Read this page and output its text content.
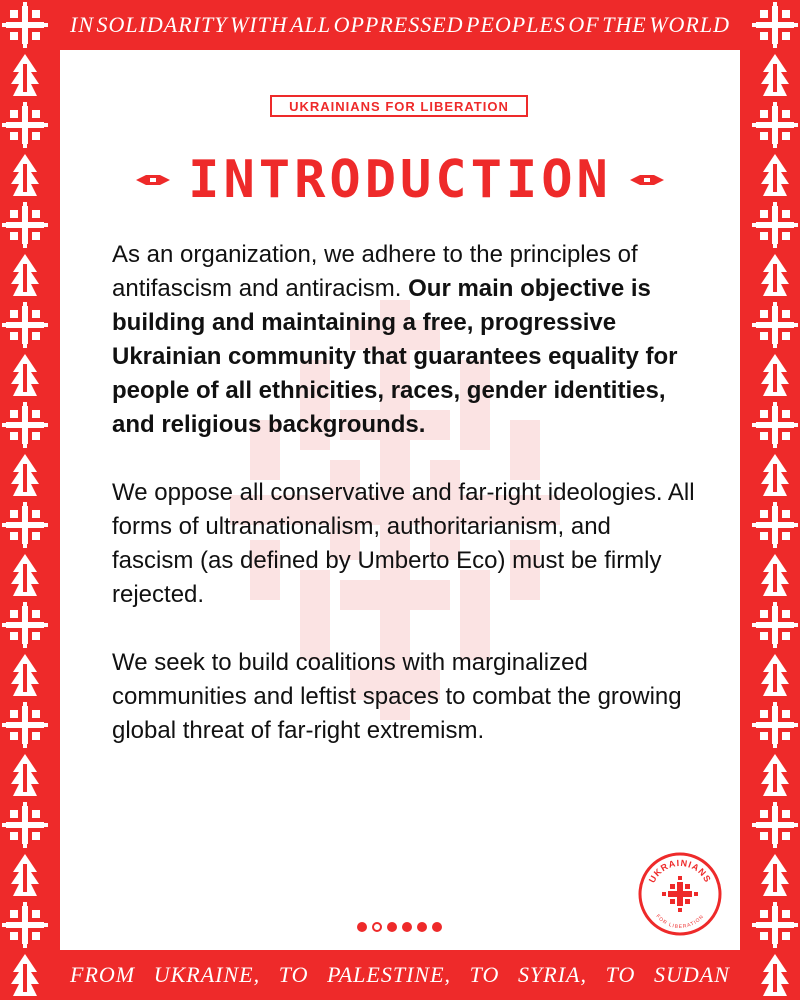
IN SOLIDARITY WITH ALL OPPRESSED PEOPLES OF THE WORLD
UKRAINIANS FOR LIBERATION
INTRODUCTION

As an organization, we adhere to the principles of antifascism and antiracism. Our main objective is building and maintaining a free, progressive Ukrainian community that guarantees equality for people of all ethnicities, races, gender identities, and religious backgrounds.

We oppose all conservative and far-right ideologies. All forms of ultranationalism, authoritarianism, and fascism (as defined by Umberto Eco) must be firmly rejected.

We seek to build coalitions with marginalized communities and leftist spaces to combat the growing global threat of far-right extremism.

UKRAINIANS
FOR LIBERATION
FROM UKRAINE, TO PALESTINE, TO SYRIA, TO SUDAN
